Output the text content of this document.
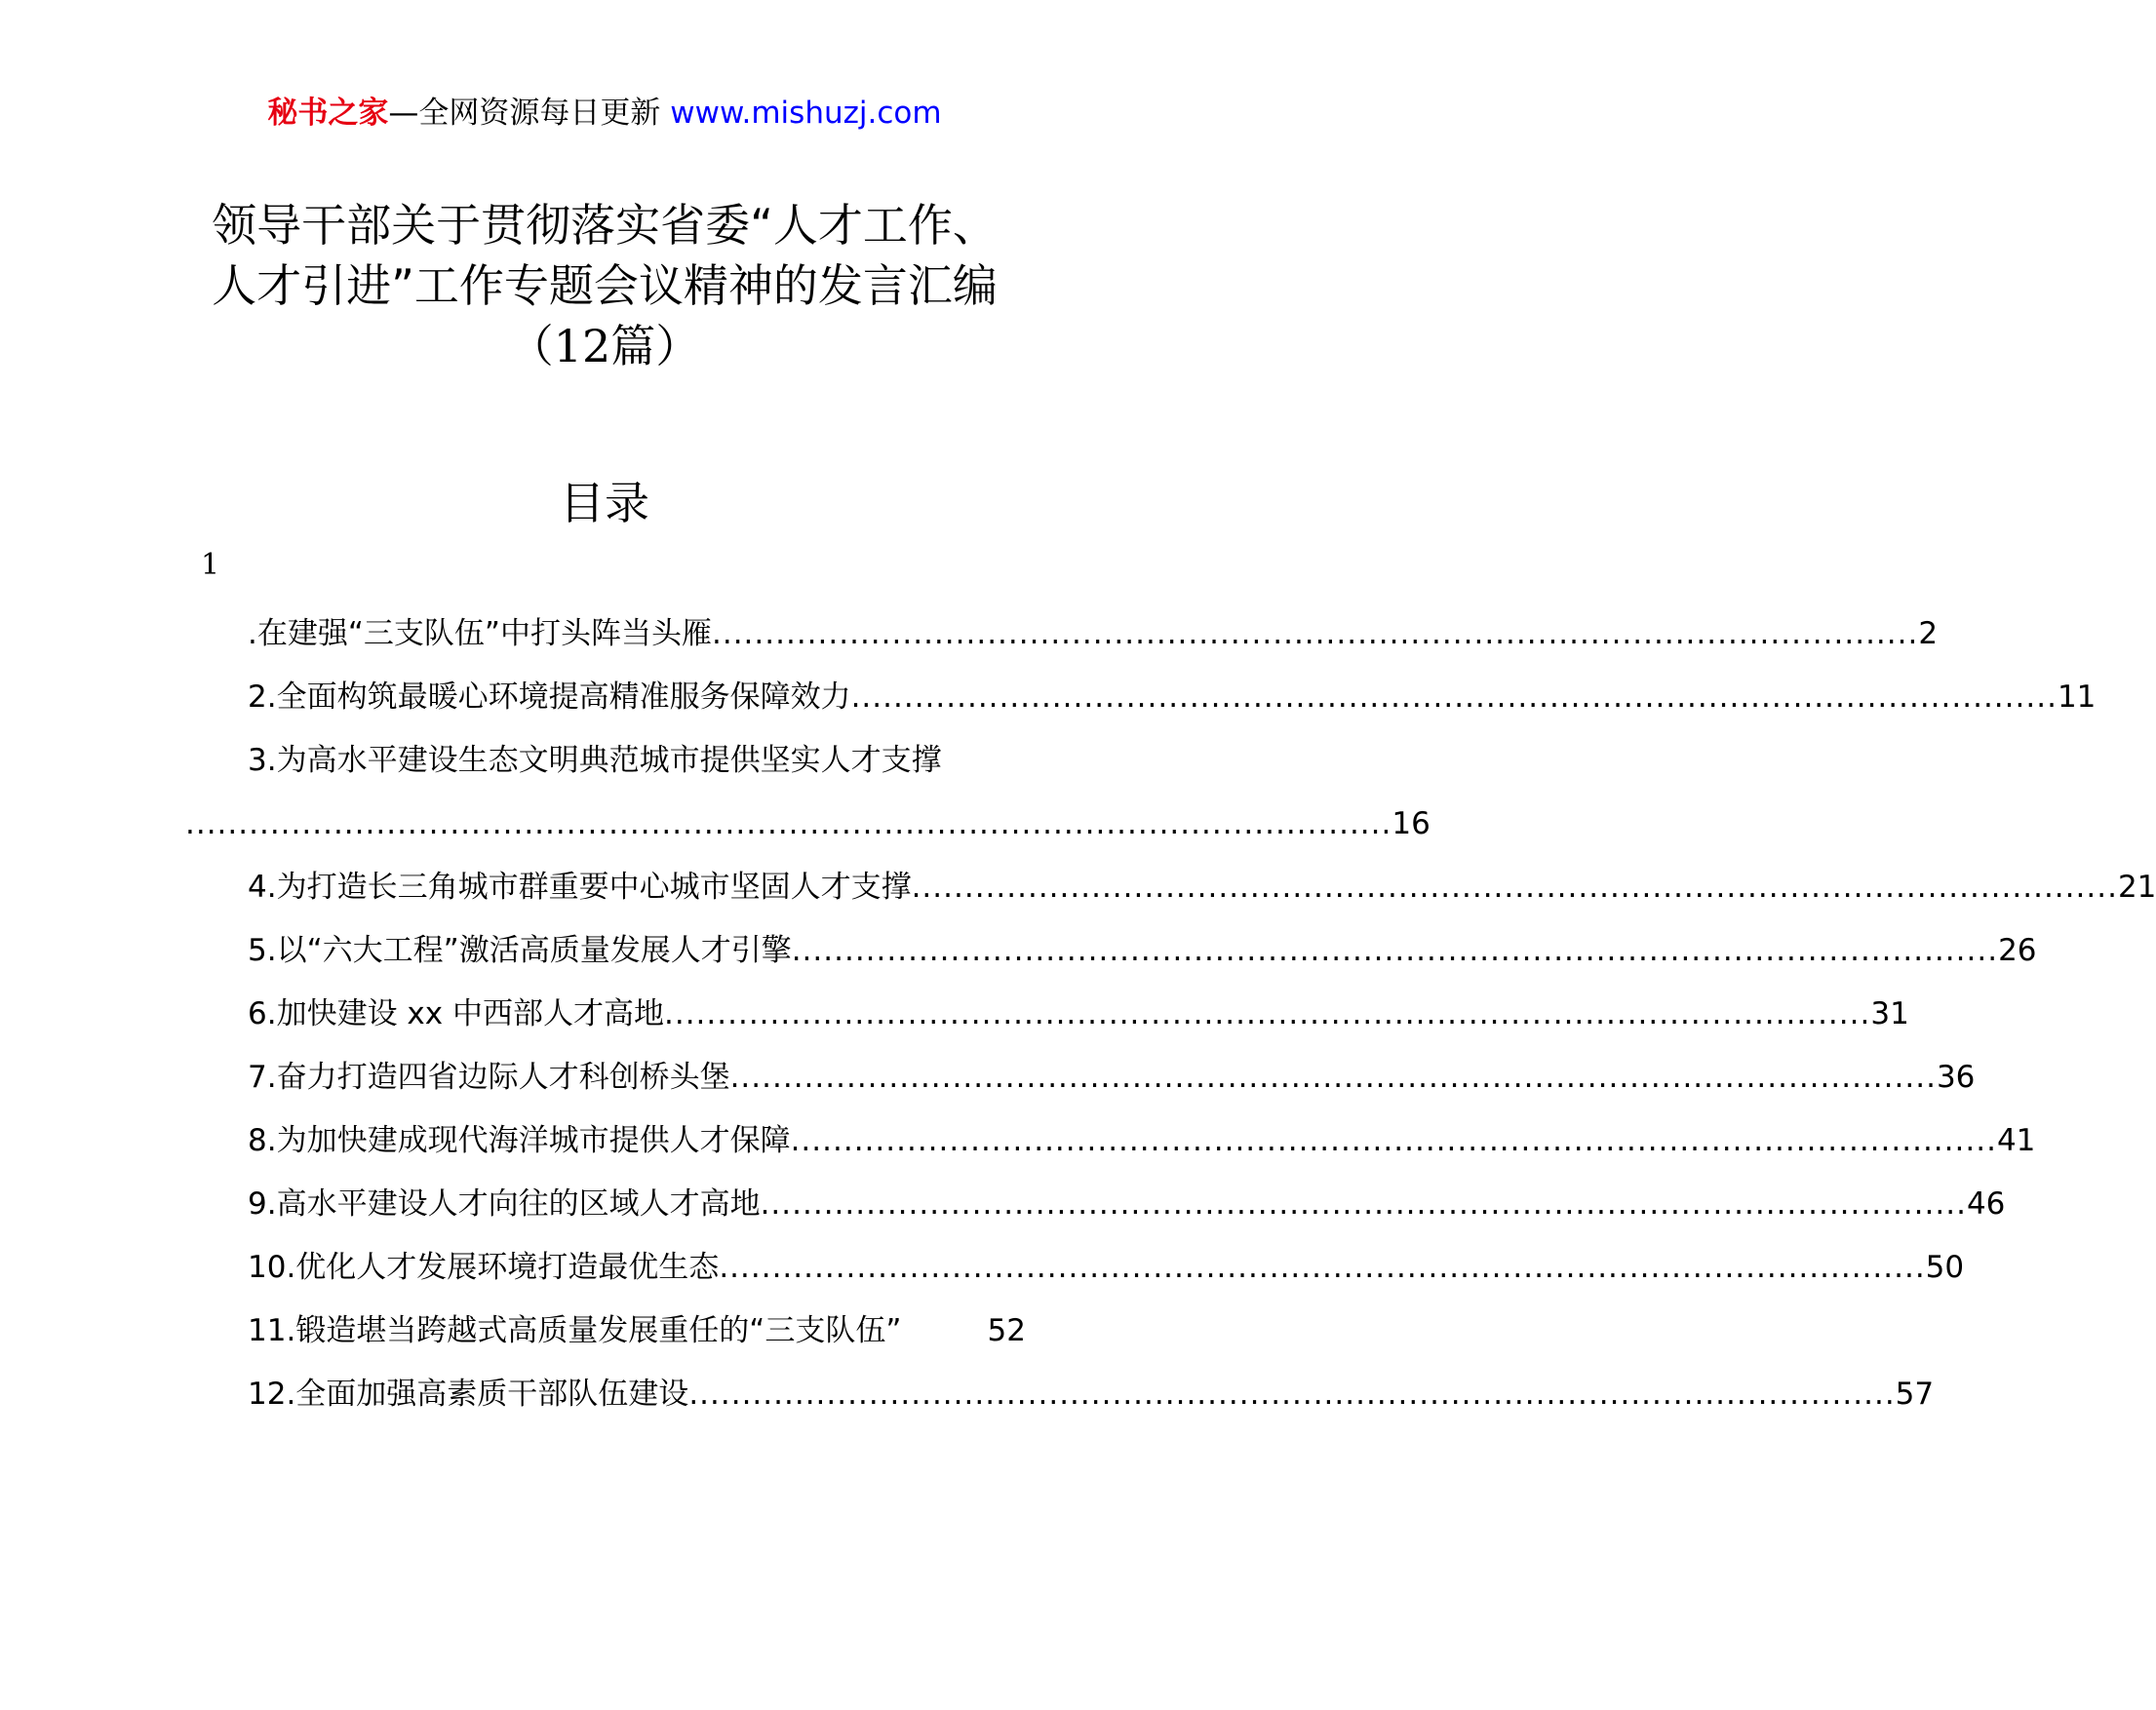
秘书之家—全网资源每日更新 www.mishuzj.com
领导干部关于贯彻落实省委“人才工作、
人才引进”工作专题会议精神的发言汇编
（12篇）
目录
1
.在建强“三支队伍”中打头阵当头雁 .................................................................................................................. 2
2.全面构筑最暖心环境提高精准服务保障效力 .................................................................................................................. 11
3.为高水平建设生态文明典范城市提供坚实人才支撑
.................................................................................................................. 16
4.为打造长三角城市群重要中心城市坚固人才支撑 .................................................................................................................. 21
5.以“六大工程”激活高质量发展人才引擎 .................................................................................................................. 26
6.加快建设 xx 中西部人才高地 .................................................................................................................. 31
7.奋力打造四省边际人才科创桥头堡 .................................................................................................................. 36
8.为加快建成现代海洋城市提供人才保障 .................................................................................................................. 41
9.高水平建设人才向往的区域人才高地 .................................................................................................................. 46
10.优化人才发展环境打造最优生态 .................................................................................................................. 50
11.锻造堪当跨越式高质量发展重任的“三支队伍”	52
12.全面加强高素质干部队伍建设 .................................................................................................................. 57
